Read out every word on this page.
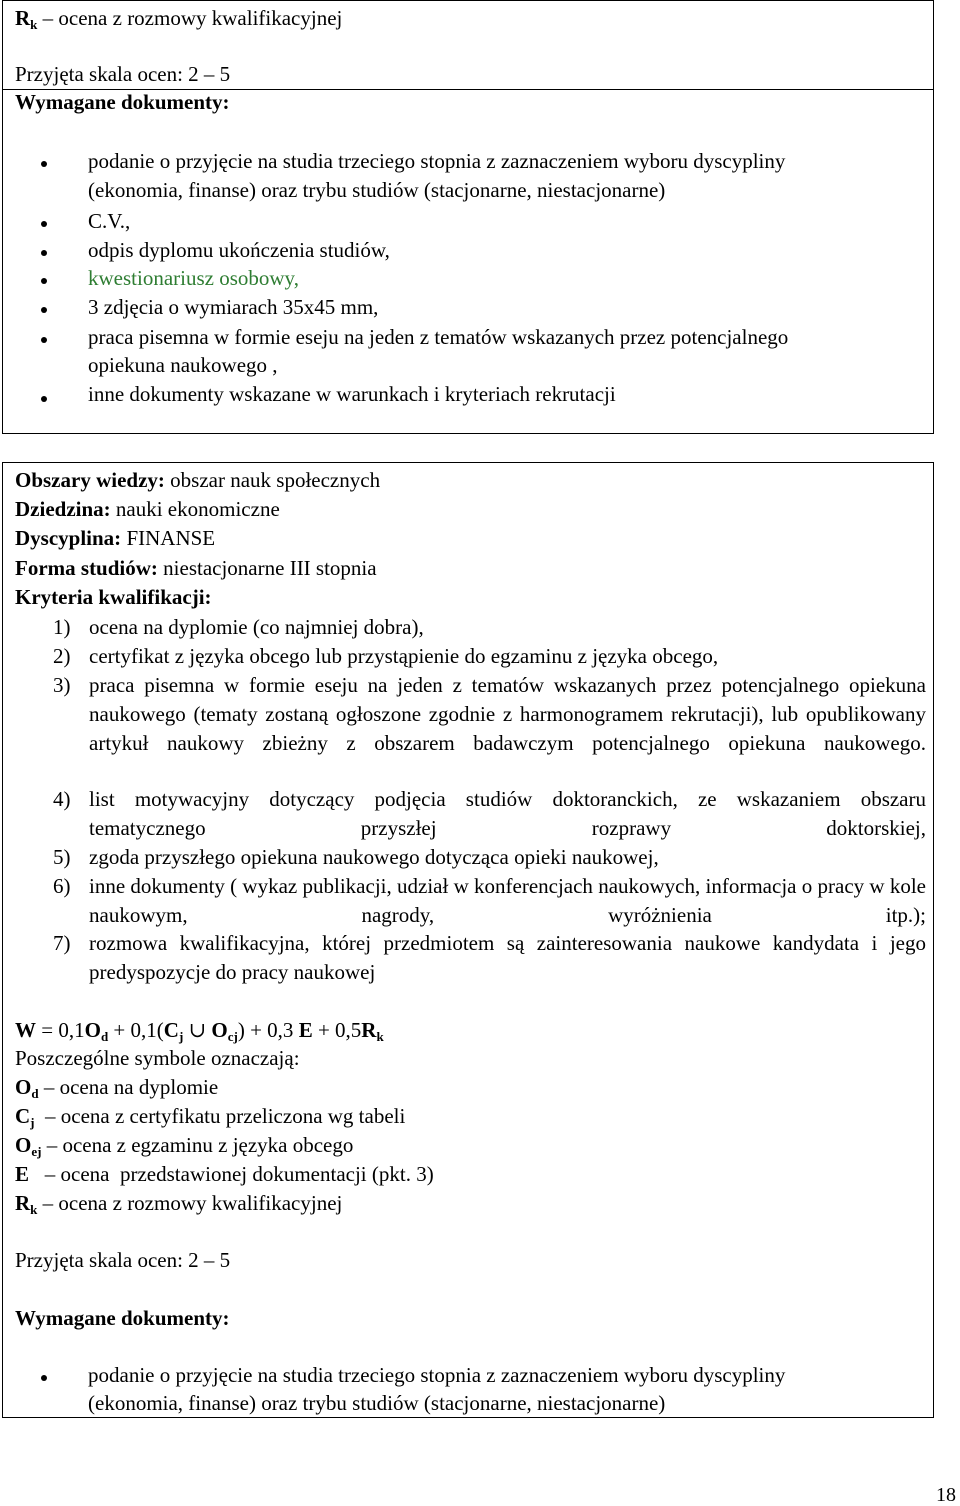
$R_k$ – ocena z rozmowy kwalifikacyjnej
Przyjęta skala ocen: 2 – 5
Wymagane dokumenty:
podanie o przyjęcie na studia trzeciego stopnia z zaznaczeniem wyboru dyscypliny
(ekonomia, finanse) oraz trybu studiów (stacjonarne, niestacjonarne)
C.V.,
odpis dyplomu ukończenia studiów,
kwestionariusz osobowy,
3 zdjęcia o wymiarach 35x45 mm,
praca pisemna w formie eseju na jeden z tematów wskazanych przez potencjalnego
opiekuna naukowego ,
inne dokumenty wskazane w warunkach i kryteriach rekrutacji
Obszary wiedzy: obszar nauk społecznych
Dziedzina: nauki ekonomiczne
Dyscyplina: FINANSE
Forma studiów: niestacjonarne III stopnia
Kryteria kwalifikacji:
1) ocena na dyplomie (co najmniej dobra),
2) certyfikat z języka obcego lub przystąpienie do egzaminu z języka obcego,
3) praca pisemna w formie eseju na jeden z tematów wskazanych przez potencjalnego opiekuna naukowego (tematy zostaną ogłoszone zgodnie z harmonogramem rekrutacji), lub opublikowany artykuł naukowy zbieżny z obszarem badawczym potencjalnego opiekuna naukowego.
4) list motywacyjny dotyczący podjęcia studiów doktoranckich, ze wskazaniem obszaru tematycznego przyszłej rozprawy doktorskiej,
5) zgoda przyszłego opiekuna naukowego dotycząca opieki naukowej,
6) inne dokumenty ( wykaz publikacji, udział w konferencjach naukowych, informacja o pracy w kole naukowym, nagrody, wyróżnienia itp.);
7) rozmowa kwalifikacyjna, której przedmiotem są zainteresowania naukowe kandydata i jego predyspozycje do pracy naukowej
$W = 0,1O_d + 0,1(C_j$ ∪ $O_{cj}) + 0,3$ $E + 0,5R_k$
Poszczególne symbole oznaczają:
$O_d$ – ocena na dyplomie
$C_j$  – ocena z certyfikatu przeliczona wg tabeli
$O_{ej}$ – ocena z egzaminu z języka obcego
E   – ocena  przedstawionej dokumentacji (pkt. 3)
$R_k$ – ocena z rozmowy kwalifikacyjnej
Przyjęta skala ocen: 2 – 5
Wymagane dokumenty:
podanie o przyjęcie na studia trzeciego stopnia z zaznaczeniem wyboru dyscypliny
(ekonomia, finanse) oraz trybu studiów (stacjonarne, niestacjonarne)
18
